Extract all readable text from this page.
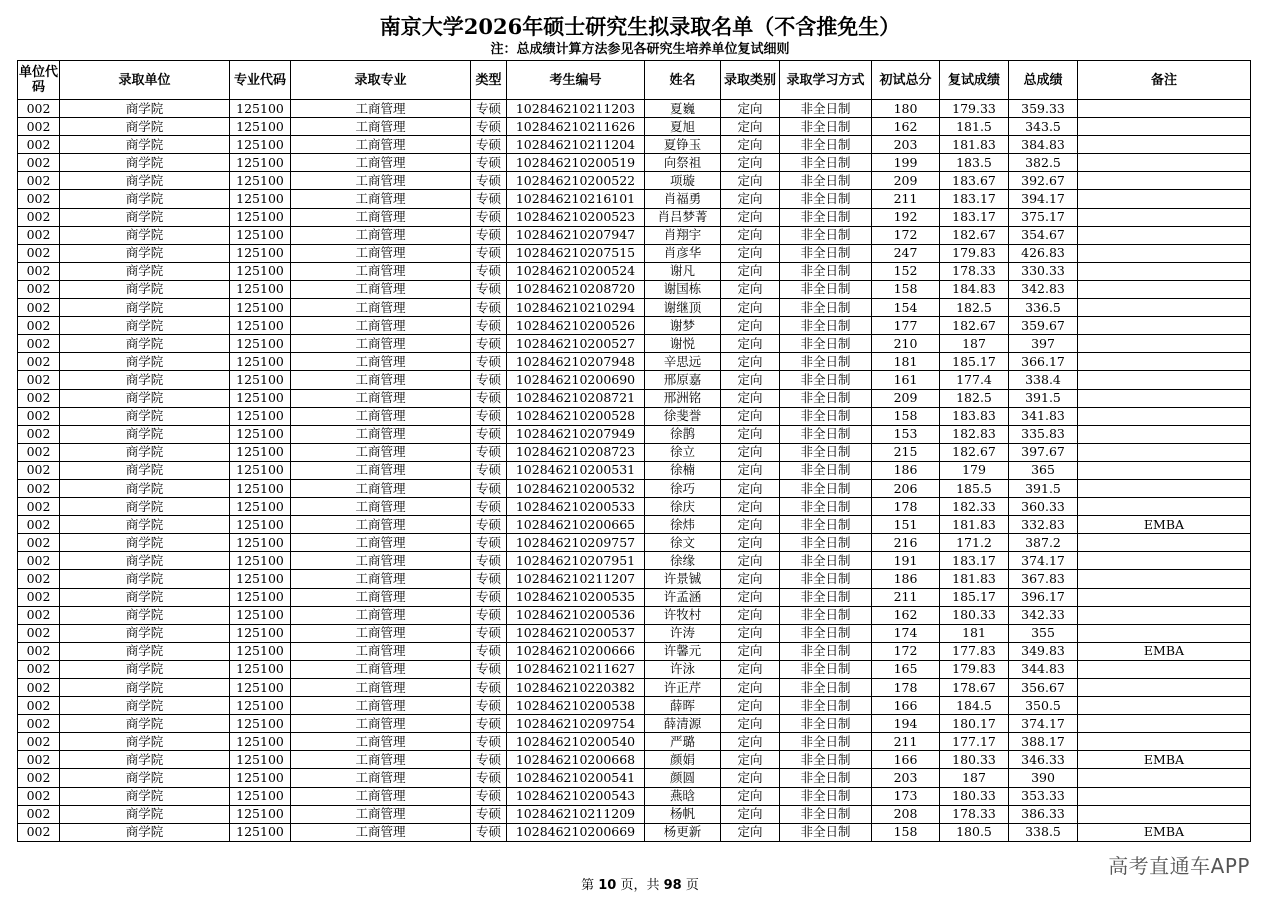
南京大学2026年硕士研究生拟录取名单（不含推免生）
注：总成绩计算方法参见各研究生培养单位复试细则
单位代码	录取单位	专业代码	录取专业	类型	考生编号	姓名	录取类别	录取学习方式	初试总分	复试成绩	总成绩	备注
002	商学院	125100	工商管理	专硕	102846210211203	夏巍	定向	非全日制	180	179.33	359.33	
002	商学院	125100	工商管理	专硕	102846210211626	夏旭	定向	非全日制	162	181.5	343.5	
002	商学院	125100	工商管理	专硕	102846210211204	夏铮玉	定向	非全日制	203	181.83	384.83	
002	商学院	125100	工商管理	专硕	102846210200519	向祭祖	定向	非全日制	199	183.5	382.5	
002	商学院	125100	工商管理	专硕	102846210200522	项璇	定向	非全日制	209	183.67	392.67	
002	商学院	125100	工商管理	专硕	102846210216101	肖福勇	定向	非全日制	211	183.17	394.17	
002	商学院	125100	工商管理	专硕	102846210200523	肖吕梦菁	定向	非全日制	192	183.17	375.17	
002	商学院	125100	工商管理	专硕	102846210207947	肖翔宇	定向	非全日制	172	182.67	354.67	
002	商学院	125100	工商管理	专硕	102846210207515	肖彦华	定向	非全日制	247	179.83	426.83	
002	商学院	125100	工商管理	专硕	102846210200524	谢凡	定向	非全日制	152	178.33	330.33	
002	商学院	125100	工商管理	专硕	102846210208720	谢国栋	定向	非全日制	158	184.83	342.83	
002	商学院	125100	工商管理	专硕	102846210210294	谢继顶	定向	非全日制	154	182.5	336.5	
002	商学院	125100	工商管理	专硕	102846210200526	谢梦	定向	非全日制	177	182.67	359.67	
002	商学院	125100	工商管理	专硕	102846210200527	谢悦	定向	非全日制	210	187	397	
002	商学院	125100	工商管理	专硕	102846210207948	辛思远	定向	非全日制	181	185.17	366.17	
002	商学院	125100	工商管理	专硕	102846210200690	邢原嘉	定向	非全日制	161	177.4	338.4	
002	商学院	125100	工商管理	专硕	102846210208721	邢洲铭	定向	非全日制	209	182.5	391.5	
002	商学院	125100	工商管理	专硕	102846210200528	徐斐誉	定向	非全日制	158	183.83	341.83	
002	商学院	125100	工商管理	专硕	102846210207949	徐鹊	定向	非全日制	153	182.83	335.83	
002	商学院	125100	工商管理	专硕	102846210208723	徐立	定向	非全日制	215	182.67	397.67	
002	商学院	125100	工商管理	专硕	102846210200531	徐楠	定向	非全日制	186	179	365	
002	商学院	125100	工商管理	专硕	102846210200532	徐巧	定向	非全日制	206	185.5	391.5	
002	商学院	125100	工商管理	专硕	102846210200533	徐庆	定向	非全日制	178	182.33	360.33	
002	商学院	125100	工商管理	专硕	102846210200665	徐炜	定向	非全日制	151	181.83	332.83	EMBA
002	商学院	125100	工商管理	专硕	102846210209757	徐文	定向	非全日制	216	171.2	387.2	
002	商学院	125100	工商管理	专硕	102846210207951	徐缘	定向	非全日制	191	183.17	374.17	
002	商学院	125100	工商管理	专硕	102846210211207	许景铖	定向	非全日制	186	181.83	367.83	
002	商学院	125100	工商管理	专硕	102846210200535	许孟涵	定向	非全日制	211	185.17	396.17	
002	商学院	125100	工商管理	专硕	102846210200536	许牧村	定向	非全日制	162	180.33	342.33	
002	商学院	125100	工商管理	专硕	102846210200537	许涛	定向	非全日制	174	181	355	
002	商学院	125100	工商管理	专硕	102846210200666	许馨元	定向	非全日制	172	177.83	349.83	EMBA
002	商学院	125100	工商管理	专硕	102846210211627	许泳	定向	非全日制	165	179.83	344.83	
002	商学院	125100	工商管理	专硕	102846210220382	许正芹	定向	非全日制	178	178.67	356.67	
002	商学院	125100	工商管理	专硕	102846210200538	薛晖	定向	非全日制	166	184.5	350.5	
002	商学院	125100	工商管理	专硕	102846210209754	薛清源	定向	非全日制	194	180.17	374.17	
002	商学院	125100	工商管理	专硕	102846210200540	严璐	定向	非全日制	211	177.17	388.17	
002	商学院	125100	工商管理	专硕	102846210200668	颜娟	定向	非全日制	166	180.33	346.33	EMBA
002	商学院	125100	工商管理	专硕	102846210200541	颜圆	定向	非全日制	203	187	390	
002	商学院	125100	工商管理	专硕	102846210200543	燕晗	定向	非全日制	173	180.33	353.33	
002	商学院	125100	工商管理	专硕	102846210211209	杨帆	定向	非全日制	208	178.33	386.33	
002	商学院	125100	工商管理	专硕	102846210200669	杨更新	定向	非全日制	158	180.5	338.5	EMBA
第 10 页，共 98 页
高考直通车APP
